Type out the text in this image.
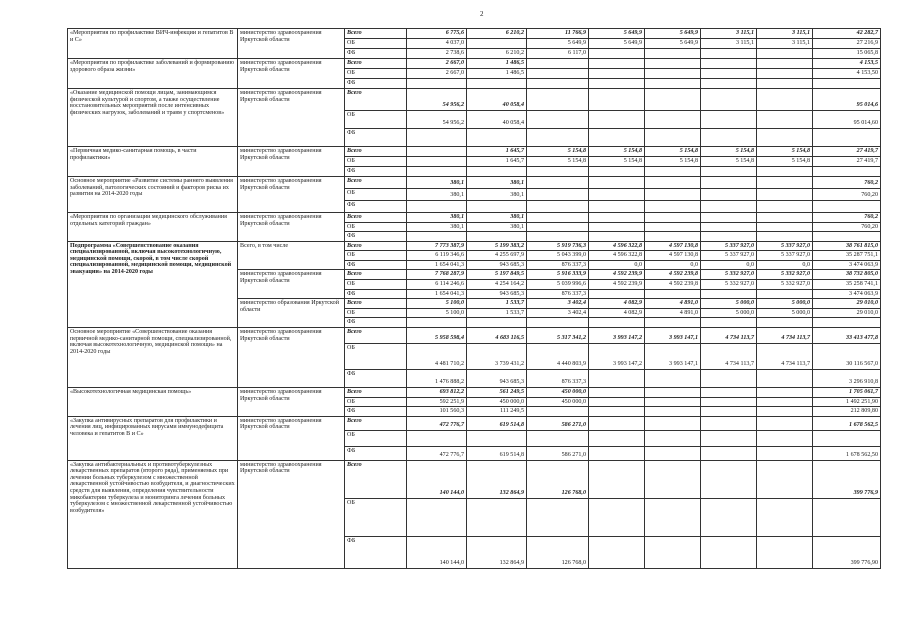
2
«Мероприятия по профилактике ВИЧ-инфекции и гепатитов В и С»	министерство здравоохранения Иркутской области	Всего	6 775,6	6 210,2	11 766,9	5 649,9	5 649,9	3 115,1	3 115,1	42 282,7
		ОБ	4 037,0		5 649,9	5 649,9	5 649,9	3 115,1	3 115,1	27 216,9
		ФБ	2 738,6	6 210,2	6 117,0					15 065,8
«Мероприятия по профилактике заболеваний и формированию здорового образа жизни»	министерство здравоохранения Иркутской области	Всего	2 667,0	1 486,5						4 153,5
		ОБ	2 667,0	1 486,5						4 153,50
		ФБ								
«Оказание медицинской помощи лицам, занимающимся физической культурой и спортом, а также осуществление восстановительных мероприятий после интенсивных физических нагрузок, заболеваний и травм у спортсменов»	министерство здравоохранения Иркутской области	Всего	54 956,2	40 058,4						95 014,6
		ОБ	54 956,2	40 058,4						95 014,60
		ФБ								
«Первичная медико-санитарная помощь, в части профилактики»	министерство здравоохранения Иркутской области	Всего		1 645,7	5 154,8	5 154,8	5 154,8	5 154,8	5 154,8	27 419,7
		ОБ		1 645,7	5 154,8	5 154,8	5 154,8	5 154,8	5 154,8	27 419,7
		ФБ								
Основное мероприятие «Развитие системы раннего выявления заболеваний, патологических состояний и факторов риска их развития на 2014-2020 годы	министерство здравоохранения Иркутской области	Всего	380,1	380,1						760,2
		ОБ	380,1	380,1						760,20
		ФБ								
«Мероприятия по организации медицинского обслуживания отдельных категорий граждан»	министерство здравоохранения Иркутской области	Всего	380,1	380,1						760,2
		ОБ	380,1	380,1						760,20
		ФБ								
Подпрограмма «Совершенствование оказания специализированной, включая высокотехнологичную, медицинской помощи, скорой, в том числе скорой специализированной, медицинской помощи, медицинской эвакуации» на 2014-2020 годы	Всего, в том числе	Всего	7 773 387,9	5 199 383,2	5 919 736,3	4 596 322,8	4 597 130,8	5 337 927,0	5 337 927,0	38 761 815,0
		ОБ	6 119 346,6	4 255 697,9	5 043 399,0	4 596 322,8	4 597 130,8	5 337 927,0	5 337 927,0	35 287 751,1
		ФБ	1 654 041,3	943 685,3	876 337,3	0,0	0,0	0,0	0,0	3 474 063,9
	министерство здравоохранения Иркутской области	Всего	7 768 287,9	5 197 849,5	5 916 333,9	4 592 239,9	4 592 239,8	5 332 927,0	5 332 927,0	38 732 805,0
		ОБ	6 114 246,6	4 254 164,2	5 039 996,6	4 592 239,9	4 592 239,8	5 332 927,0	5 332 927,0	35 258 741,1
		ФБ	1 654 041,3	943 685,3	876 337,3					3 474 063,9
	министерство образования Иркутской области	Всего	5 100,0	1 533,7	3 402,4	4 082,9	4 891,0	5 000,0	5 000,0	29 010,0
		ОБ	5 100,0	1 533,7	3 402,4	4 082,9	4 891,0	5 000,0	5 000,0	29 010,0
		ФБ								
Основное мероприятие «Совершенствование оказания первичной медико-санитарной помощи, специализированной, включая высокотехнологичную, медицинской помощи» на 2014-2020 годы	министерство здравоохранения Иркутской области	Всего	5 958 598,4	4 683 116,5	5 317 341,2	3 993 147,2	3 993 147,1	4 734 113,7	4 734 113,7	33 413 477,8
		ОБ	4 481 710,2	3 739 431,2	4 440 803,9	3 993 147,2	3 993 147,1	4 734 113,7	4 734 113,7	30 116 567,0
		ФБ	1 476 888,2	943 685,3	876 337,3					3 296 910,8
«Высокотехнологичная медицинская помощь»	министерство здравоохранения Иркутской области	Всего	693 812,2	561 249,5	450 000,0					1 705 061,7
		ОБ	592 251,9	450 000,0	450 000,0					1 492 251,90
		ФБ	101 560,3	111 249,5						212 809,80
«Закупка антивирусных препаратов для профилактики и лечения лиц, инфицированных вирусами иммунодефицита человека и гепатитов В и С»	министерство здравоохранения Иркутской области	Всего	472 776,7	619 514,8	586 271,0					1 678 562,5
		ОБ								
		ФБ	472 776,7	619 514,8	586 271,0					1 678 562,50
«Закупка антибактериальных и противотуберкулезных лекарственных препаратов (второго ряда), применяемых при лечении больных туберкулезом с множественной лекарственной устойчивостью возбудителя, и диагностических средств для выявления, определения чувствительности микобактерии туберкулеза и мониторинга лечения больных туберкулезом с множественной лекарственной устойчивостью возбудителя»	министерство здравоохранения Иркутской области	Всего	140 144,0	132 864,9	126 768,0					399 776,9
		ОБ								
		ФБ	140 144,0	132 864,9	126 768,0					399 776,90
